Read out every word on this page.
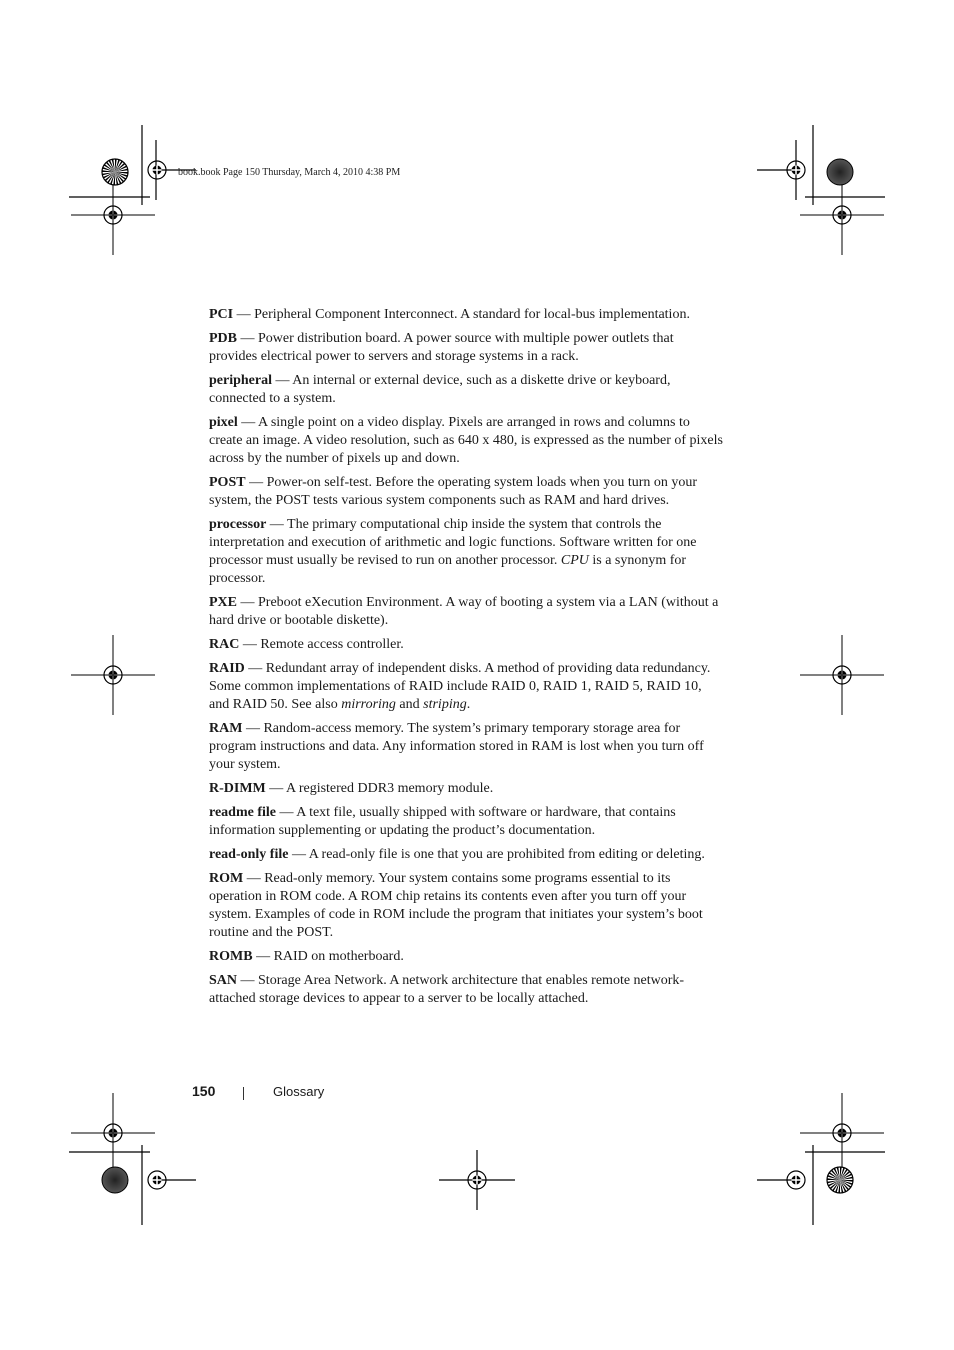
book.book Page 150 Thursday, March 4, 2010 4:38 PM

PCI — Peripheral Component Interconnect. A standard for local-bus implementation.

PDB — Power distribution board. A power source with multiple power outlets that provides electrical power to servers and storage systems in a rack.

peripheral — An internal or external device, such as a diskette drive or keyboard, connected to a system.

pixel — A single point on a video display. Pixels are arranged in rows and columns to create an image. A video resolution, such as 640 x 480, is expressed as the number of pixels across by the number of pixels up and down.

POST — Power-on self-test. Before the operating system loads when you turn on your system, the POST tests various system components such as RAM and hard drives.

processor — The primary computational chip inside the system that controls the interpretation and execution of arithmetic and logic functions. Software written for one processor must usually be revised to run on another processor. CPU is a synonym for processor.

PXE — Preboot eXecution Environment. A way of booting a system via a LAN (without a hard drive or bootable diskette).

RAC — Remote access controller.

RAID — Redundant array of independent disks. A method of providing data redundancy. Some common implementations of RAID include RAID 0, RAID 1, RAID 5, RAID 10, and RAID 50. See also mirroring and striping.

RAM — Random-access memory. The system’s primary temporary storage area for program instructions and data. Any information stored in RAM is lost when you turn off your system.

R-DIMM — A registered DDR3 memory module.

readme file — A text file, usually shipped with software or hardware, that contains information supplementing or updating the product’s documentation.

read-only file — A read-only file is one that you are prohibited from editing or deleting.

ROM — Read-only memory. Your system contains some programs essential to its operation in ROM code. A ROM chip retains its contents even after you turn off your system. Examples of code in ROM include the program that initiates your system’s boot routine and the POST.

ROMB — RAID on motherboard.

SAN — Storage Area Network. A network architecture that enables remote network-attached storage devices to appear to a server to be locally attached.

150	Glossary
